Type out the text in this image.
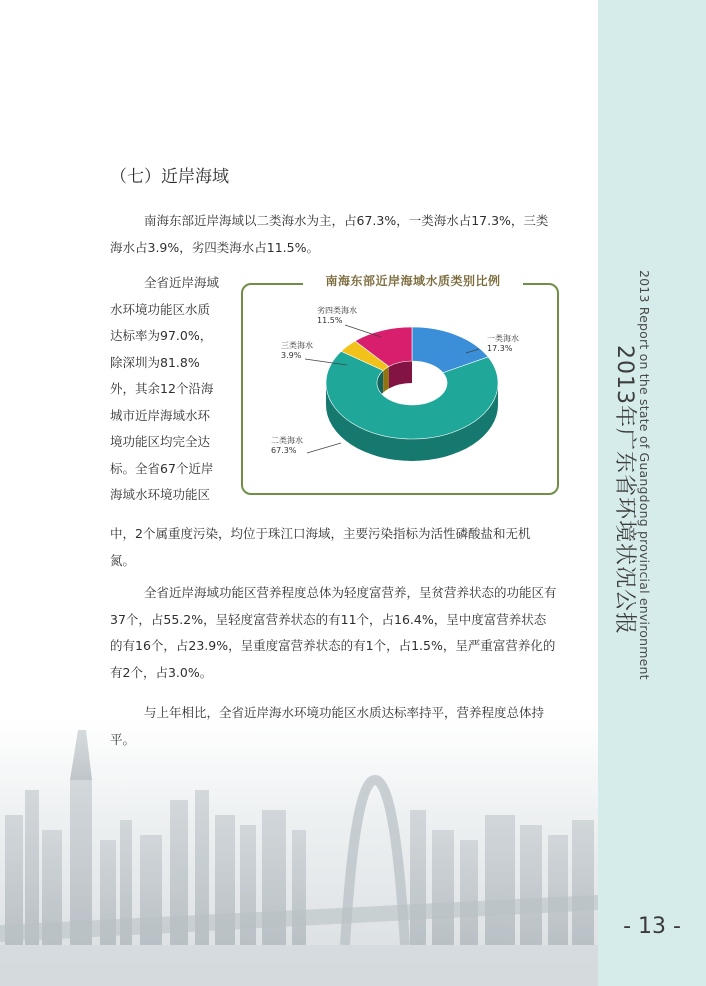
2013 Report on the state of Guangdong provincial environment
2013年广东省环境状况公报
- 13 -
（七）近岸海域
南海东部近岸海域以二类海水为主，占67.3%，一类海水占17.3%，三类海水占3.9%，劣四类海水占11.5%。
全省近岸海域
水环境功能区水质
达标率为97.0%，
除深圳为81.8%
外，其余12个沿海
城市近岸海域水环
境功能区均完全达
标。全省67个近岸
海域水环境功能区
中，2个属重度污染，均位于珠江口海域，主要污染指标为活性磷酸盐和无机氮。
全省近岸海域功能区营养程度总体为轻度富营养，呈贫营养状态的功能区有37个，占55.2%，呈轻度富营养状态的有11个，占16.4%，呈中度富营养状态的有16个，占23.9%，呈重度富营养状态的有1个，占1.5%，呈严重富营养化的有2个，占3.0%。
与上年相比，全省近岸海水环境功能区水质达标率持平，营养程度总体持平。
南海东部近岸海域水质类别比例
一类海水
17.3%
二类海水
67.3%
三类海水
3.9%
劣四类海水
11.5%
